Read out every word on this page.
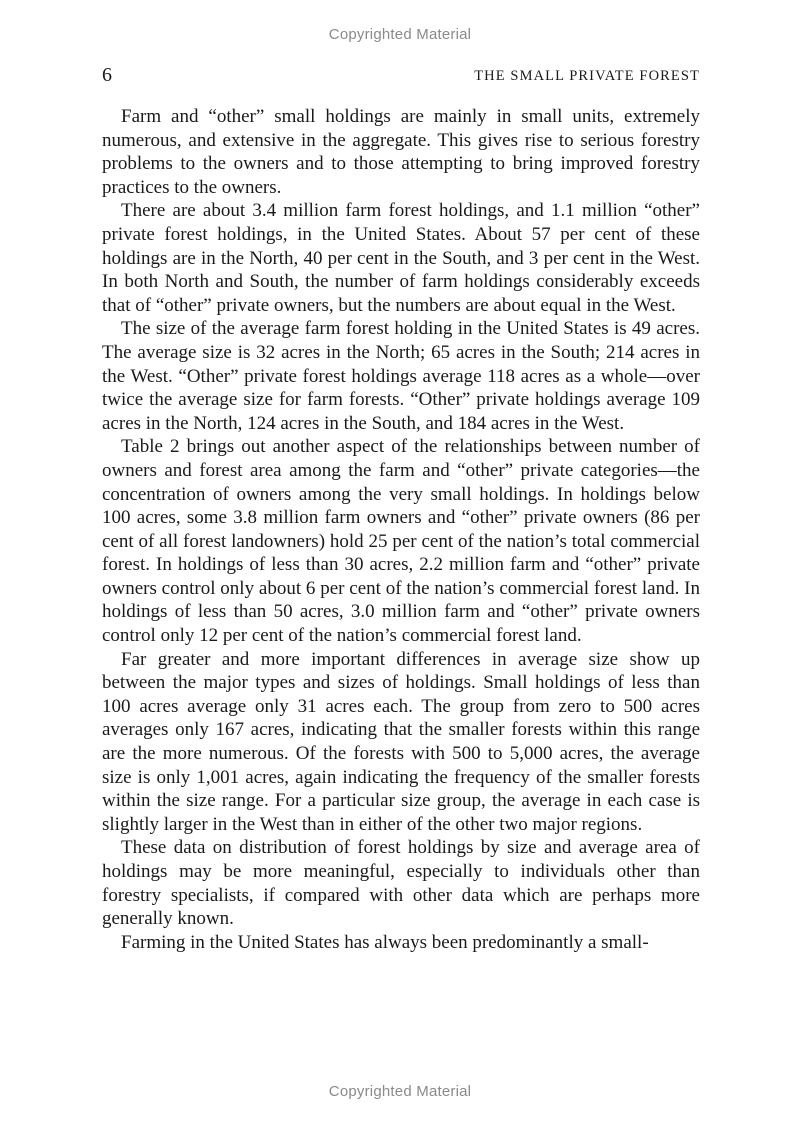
Copyrighted Material
6	THE SMALL PRIVATE FOREST

Farm and “other” small holdings are mainly in small units, extremely numerous, and extensive in the aggregate. This gives rise to serious forestry problems to the owners and to those attempting to bring improved forestry practices to the owners.

There are about 3.4 million farm forest holdings, and 1.1 million “other” private forest holdings, in the United States. About 57 per cent of these holdings are in the North, 40 per cent in the South, and 3 per cent in the West. In both North and South, the number of farm holdings considerably exceeds that of “other” private owners, but the numbers are about equal in the West.

The size of the average farm forest holding in the United States is 49 acres. The average size is 32 acres in the North; 65 acres in the South; 214 acres in the West. “Other” private forest holdings average 118 acres as a whole—over twice the average size for farm forests. “Other” private holdings average 109 acres in the North, 124 acres in the South, and 184 acres in the West.

Table 2 brings out another aspect of the relationships between number of owners and forest area among the farm and “other” private categories—the concentration of owners among the very small holdings. In holdings below 100 acres, some 3.8 million farm owners and “other” private owners (86 per cent of all forest landowners) hold 25 per cent of the nation’s total commercial forest. In holdings of less than 30 acres, 2.2 million farm and “other” private owners control only about 6 per cent of the nation’s commercial forest land. In holdings of less than 50 acres, 3.0 million farm and “other” private owners control only 12 per cent of the nation’s commercial forest land.

Far greater and more important differences in average size show up between the major types and sizes of holdings. Small holdings of less than 100 acres average only 31 acres each. The group from zero to 500 acres averages only 167 acres, indicating that the smaller forests within this range are the more numerous. Of the forests with 500 to 5,000 acres, the average size is only 1,001 acres, again indicating the frequency of the smaller forests within the size range. For a particular size group, the average in each case is slightly larger in the West than in either of the other two major regions.

These data on distribution of forest holdings by size and average area of holdings may be more meaningful, especially to individuals other than forestry specialists, if compared with other data which are perhaps more generally known.

Farming in the United States has always been predominantly a small-

Copyrighted Material
